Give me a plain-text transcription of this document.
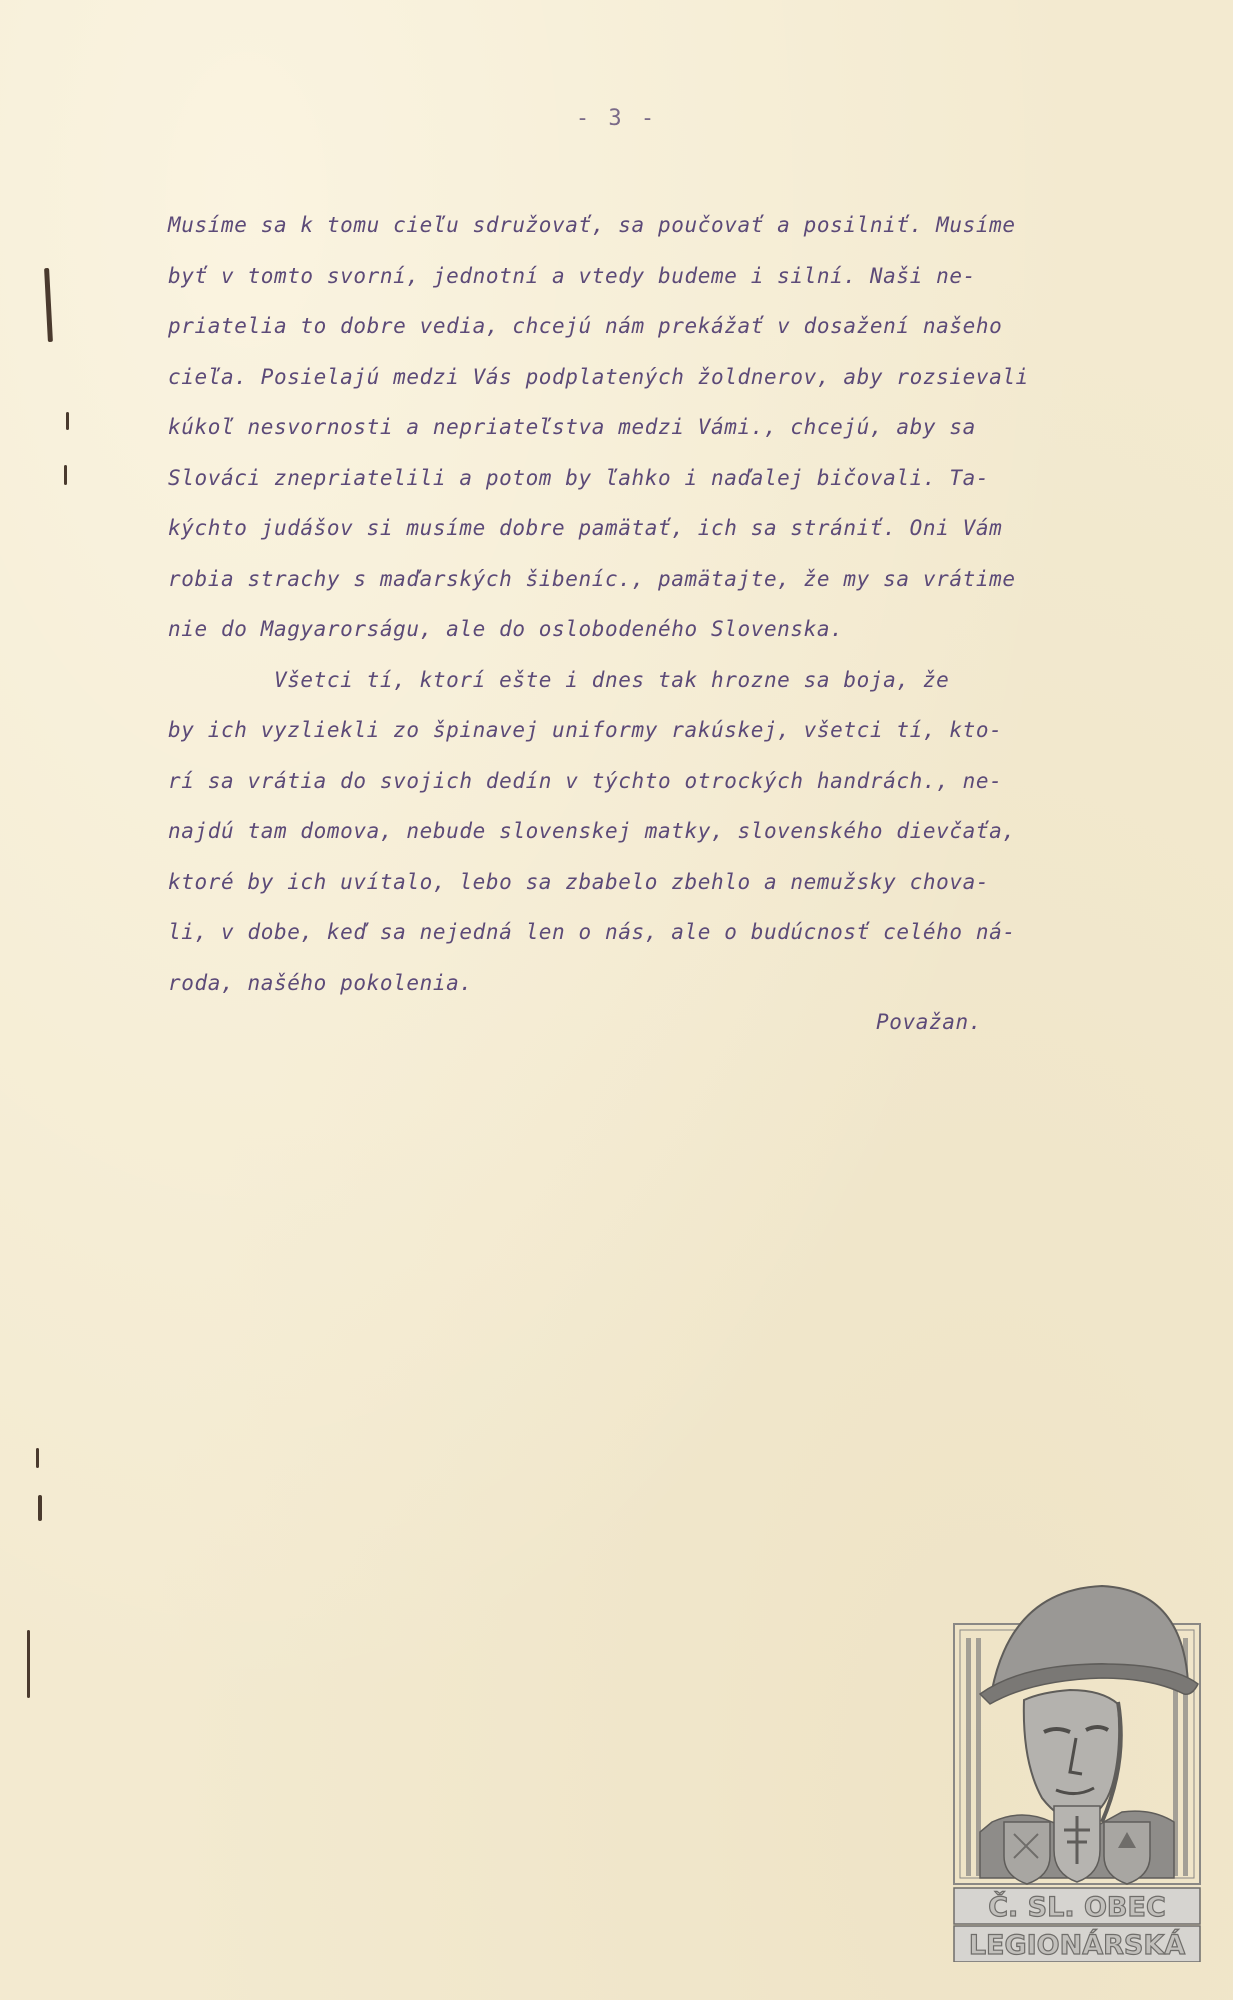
- 3 -
Musíme sa k tomu cieľu sdružovať, sa poučovať a posilniť. Musíme
byť v tomto svorní, jednotní a vtedy budeme i silní. Naši ne-
priatelia to dobre vedia, chcejú nám prekážať v dosažení našeho
cieľa. Posielajú medzi Vás podplatených žoldnerov, aby rozsievali
kúkoľ nesvornosti a nepriateľstva medzi Vámi., chcejú, aby sa
Slováci znepriatelili a potom by ľahko i naďalej bičovali. Ta-
kýchto judášov si musíme dobre pamätať, ich sa strániť. Oni Vám
robia strachy s maďarských šibeníc., pamätajte, že my sa vrátime
nie do Magyarorságu, ale do oslobodeného Slovenska.
Všetci tí, ktorí ešte i dnes tak hrozne sa boja, že
by ich vyzliekli zo špinavej uniformy rakúskej, všetci tí, kto-
rí sa vrátia do svojich dedín v týchto otrockých handrách., ne-
najdú tam domova, nebude slovenskej matky, slovenského dievčaťa,
ktoré by ich uvítalo, lebo sa zbabelo zbehlo a nemužsky chova-
li, v dobe, keď sa nejedná len o nás, ale o budúcnosť celého ná-
roda, našého pokolenia.
Považan.
Č. SL. OBEC
LEGIONÁRSKÁ
